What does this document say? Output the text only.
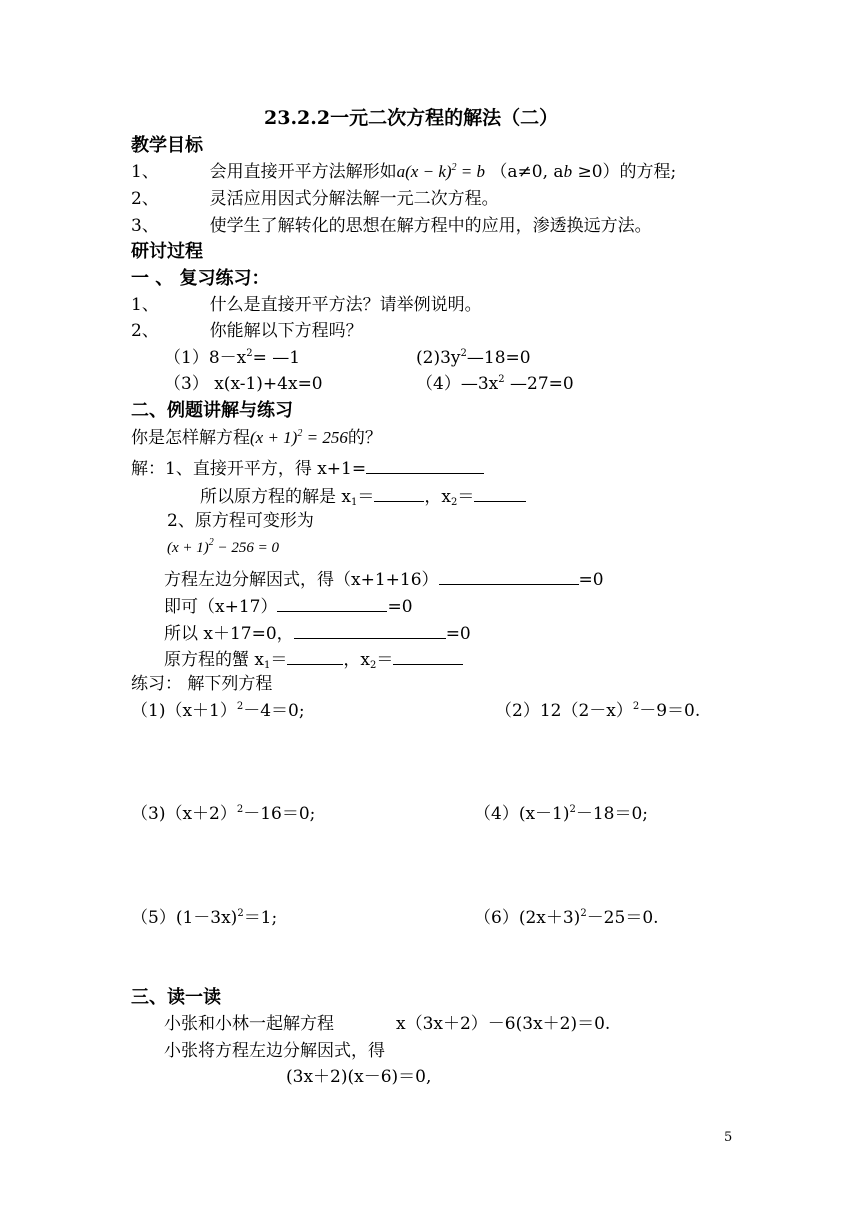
23.2.2一元二次方程的解法（二）
教学目标
1、	会用直接开平方法解形如$a(x - k)^2 = b$ （a≠0, ab ≥0）的方程;
2、	灵活应用因式分解法解一元二次方程。
3、	使学生了解转化的思想在解方程中的应用，渗透换远方法。
研讨过程
一 、 复习练习：
1、	什么是直接开平方法？请举例说明。
2、	你能解以下方程吗？
$(1)8-x^2=$ —1	$(2)3y^2—18=0$
（3） x(x-1)+4x=0	$(4)—3x^2$ —27=0
二、例题讲解与练习
你是怎样解方程$(x + 1)^2 = 256$的？
解：1、直接开平方，得 x+1=
所以原方程的解是 $x_1=$	，$x_2=$
2、原方程可变形为
$(x + 1)^2 - 256 = 0$
方程左边分解因式，得（x+1+16）	=0
即可（x+17）	=0
所以 x＋17=0，	=0
原方程的蟹 $x_1=$	，$x_2=$
练习： 解下列方程
$(1)(x+1)^2-4=0$;	$(2)12(2-x)^2-9=0$.
$(3)(x+2)^2-16=0$;	$(4)(x-1)^2-18=0$;
$(5)(1-3x)^2=1$;	$(6)(2x+3)^2-25=0$.
三、读一读
小张和小林一起解方程	x（3x＋2）－6(3x＋2)＝0.
小张将方程左边分解因式，得
(3x＋2)(x－6)＝0,
5
